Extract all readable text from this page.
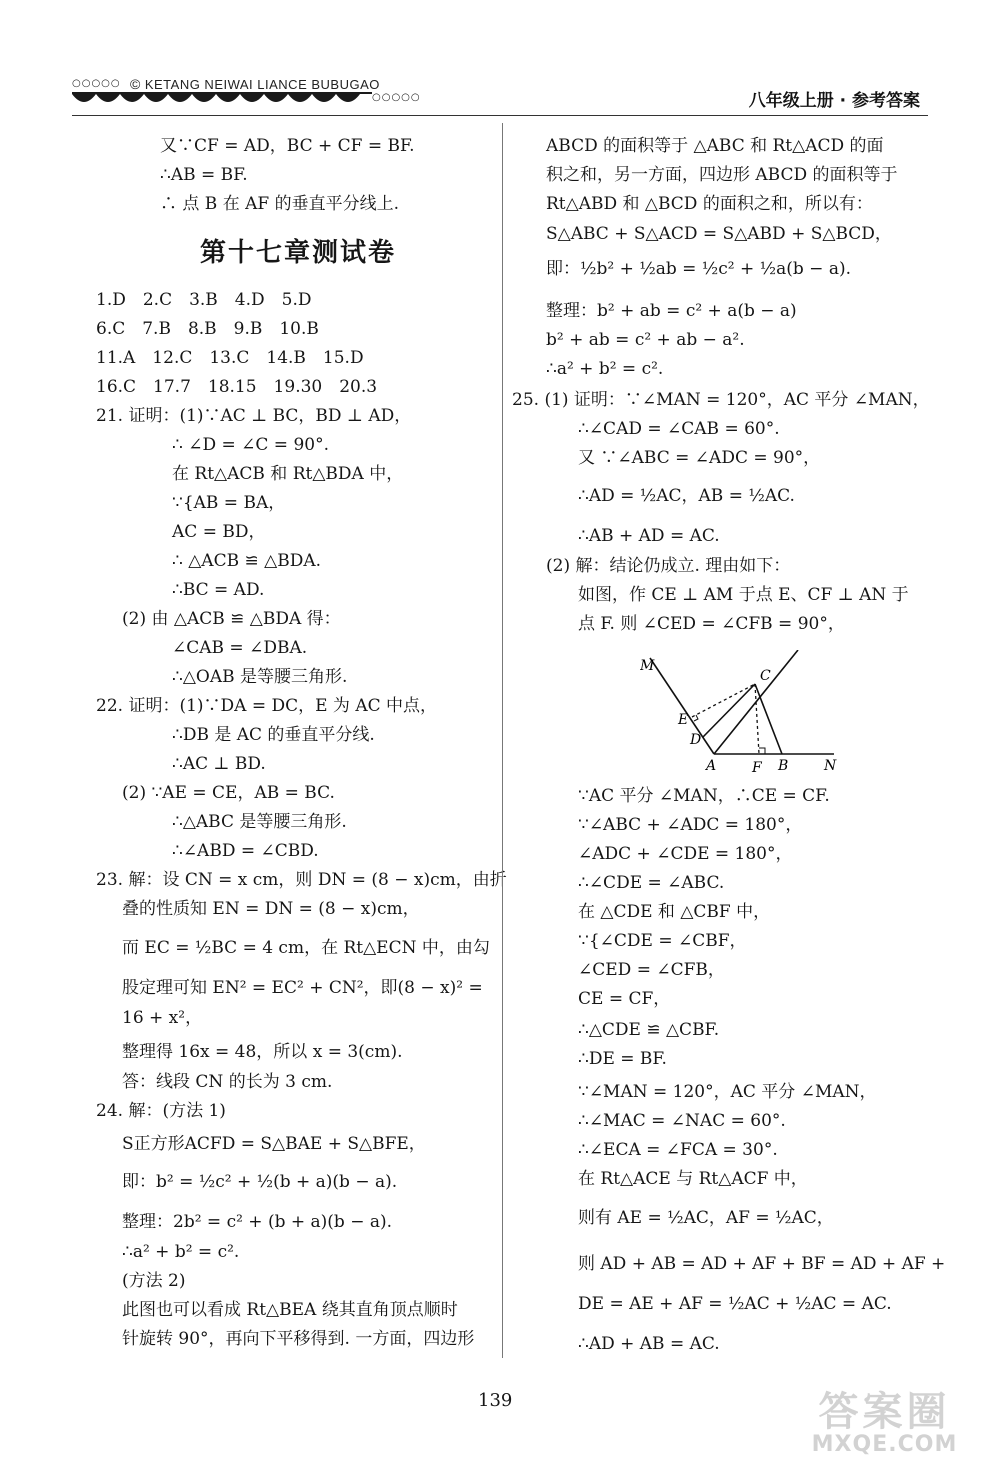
○○○○○ © KETANG NEIWAI LIANCE BUBUGAO
○○○○○	八年级上册 · 参考答案
第十七章测试卷
又∵CF = AD，BC + CF = BF.
∴AB = BF.
∴ 点 B 在 AF 的垂直平分线上.
1.D　2.C　3.B　4.D　5.D
6.C　7.B　8.B　9.B　10.B
11.A　12.C　13.C　14.B　15.D
16.C　17.7　18.15　19.30　20.3
21. 证明：(1)∵AC ⊥ BC，BD ⊥ AD，
∴ ∠D = ∠C = 90°.
在 Rt△ACB 和 Rt△BDA 中，
∵{AB = BA，
AC = BD，
∴ △ACB ≌ △BDA.
∴BC = AD.
(2) 由 △ACB ≌ △BDA 得：
∠CAB = ∠DBA.
∴△OAB 是等腰三角形.
22. 证明：(1)∵DA = DC，E 为 AC 中点，
∴DB 是 AC 的垂直平分线.
∴AC ⊥ BD.
(2) ∵AE = CE，AB = BC.
∴△ABC 是等腰三角形.
∴∠ABD = ∠CBD.
23. 解：设 CN = x cm，则 DN = (8 − x)cm，由折
叠的性质知 EN = DN = (8 − x)cm，
而 EC = ½BC = 4 cm，在 Rt△ECN 中，由勾
股定理可知 EN² = EC² + CN²，即(8 − x)² =
16 + x²，
整理得 16x = 48，所以 x = 3(cm).
答：线段 CN 的长为 3 cm.
24. 解：(方法 1)
S正方形ACFD = S△BAE + S△BFE，
即：b² = ½c² + ½(b + a)(b − a).
整理：2b² = c² + (b + a)(b − a).
∴a² + b² = c².
(方法 2)
此图也可以看成 Rt△BEA 绕其直角顶点顺时
针旋转 90°，再向下平移得到. 一方面，四边形
ABCD 的面积等于 △ABC 和 Rt△ACD 的面
积之和，另一方面，四边形 ABCD 的面积等于
Rt△ABD 和 △BCD 的面积之和，所以有：
S△ABC + S△ACD = S△ABD + S△BCD，
即：½b² + ½ab = ½c² + ½a(b − a).
整理：b² + ab = c² + a(b − a)
b² + ab = c² + ab − a².
∴a² + b² = c².
25. (1) 证明：∵∠MAN = 120°，AC 平分 ∠MAN，
∴∠CAD = ∠CAB = 60°.
又 ∵∠ABC = ∠ADC = 90°，
∴AD = ½AC，AB = ½AC.
∴AB + AD = AC.
(2) 解：结论仍成立. 理由如下：
如图，作 CE ⊥ AM 于点 E、CF ⊥ AN 于
点 F. 则 ∠CED = ∠CFB = 90°，
∵AC 平分 ∠MAN，∴CE = CF.
∵∠ABC + ∠ADC = 180°，
∠ADC + ∠CDE = 180°，
∴∠CDE = ∠ABC.
在 △CDE 和 △CBF 中，
∵{∠CDE = ∠CBF，
∠CED = ∠CFB，
CE = CF，
∴△CDE ≌ △CBF.
∴DE = BF.
∵∠MAN = 120°，AC 平分 ∠MAN，
∴∠MAC = ∠NAC = 60°.
∴∠ECA = ∠FCA = 30°.
在 Rt△ACE 与 Rt△ACF 中，
则有 AE = ½AC，AF = ½AC，
则 AD + AB = AD + AF + BF = AD + AF +
DE = AE + AF = ½AC + ½AC = AC.
∴AD + AB = AC.
M
C
E
D
A	F B	N
139	答案圈
MXQE.COM
